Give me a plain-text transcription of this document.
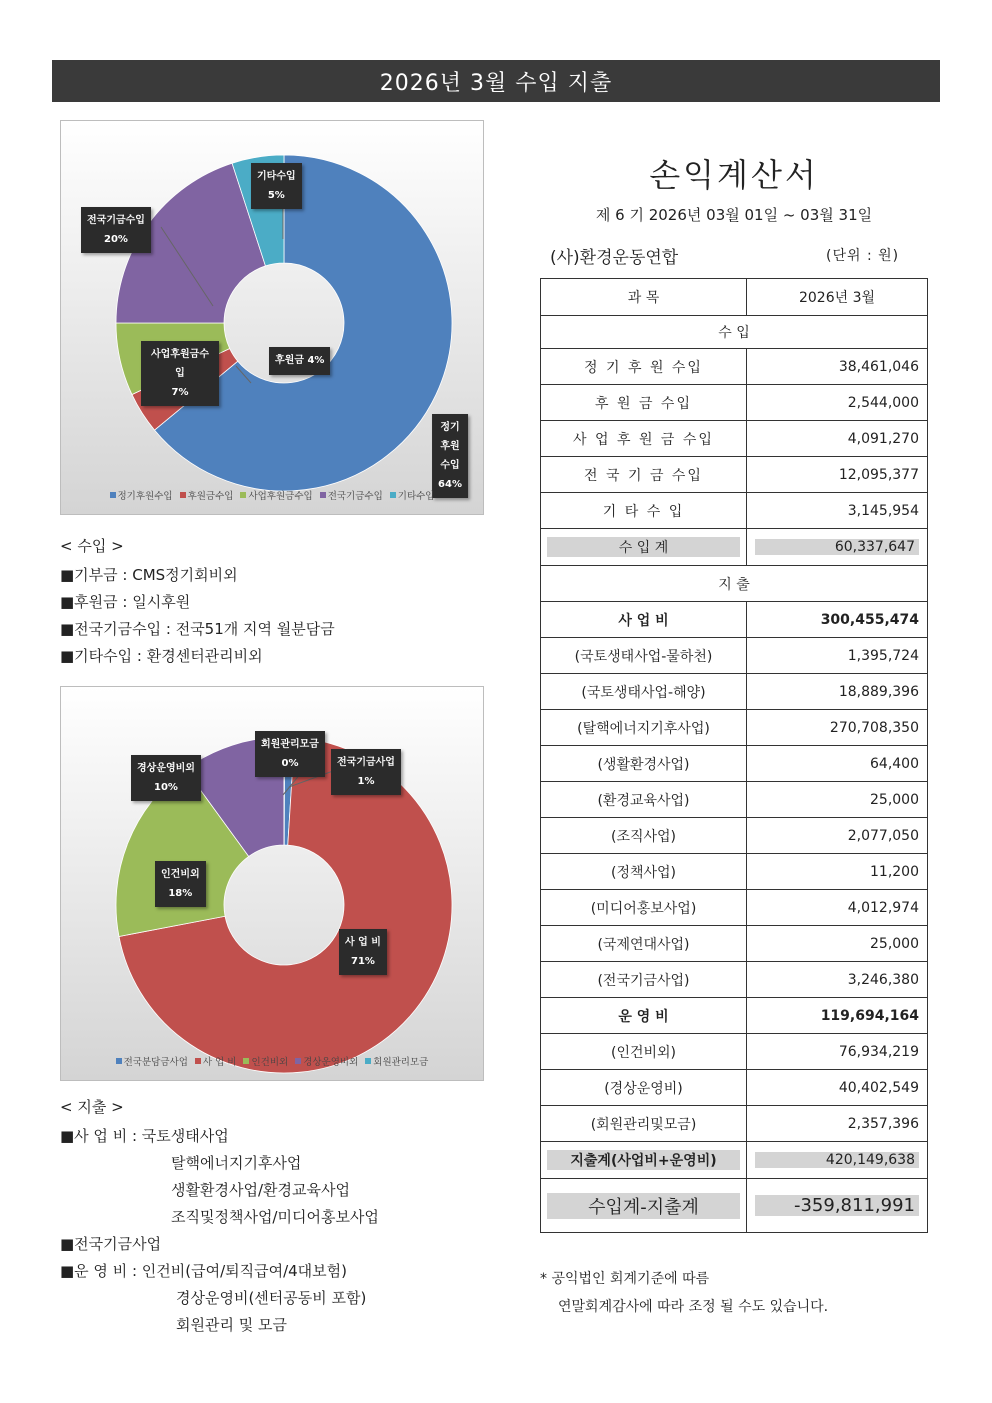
2026년 3월 수입 지출
정기후원수입
64%
후원금 4%
사업후원금수입
7%
전국기금수입
20%
기타수입
5%
정기후원수입 후원금수입 사업후원금수입 전국기금수입 기타수입
< 수입 >
■기부금 : CMS정기회비외
■후원금 : 일시후원
■전국기금수입 : 전국51개 지역 월분담금
■기타수입 : 환경센터관리비외
회원관리모금
0%	전국기금사업
1%
경상운영비외
10%
인건비외
18%
사 업 비
71%
전국분담금사업 사 업 비 인건비외 경상운영비외 회원관리모금
< 지출 >
■사 업 비 : 국토생태사업
탈핵에너지기후사업
생활환경사업/환경교육사업
조직및정책사업/미디어홍보사업
■전국기금사업
■운 영 비 : 인건비(급여/퇴직급여/4대보험)
경상운영비(센터공동비 포함)
회원관리 및 모금
손익계산서
제 6 기 2026년 03월 01일 ~ 03월 31일
(사)환경운동연합	(단위 : 원)
과 목	2026년 3월
수 입	
정 기 후 원 수입	38,461,046
후 원 금 수입	2,544,000
사 업 후 원 금 수입	4,091,270
전 국 기 금 수입	12,095,377
기 타 수 입	3,145,954

수 입 계	60,337,647

지 출	
사 업 비	300,455,474
(국토생태사업-물하천)	1,395,724
(국토생태사업-해양)	18,889,396
(탈핵에너지기후사업)	270,708,350
(생활환경사업)	64,400
(환경교육사업)	25,000
(조직사업)	2,077,050
(정책사업)	11,200
(미디어홍보사업)	4,012,974
(국제연대사업)	25,000
(전국기금사업)	3,246,380
운 영 비	119,694,164
(인건비외)	76,934,219
(경상운영비)	40,402,549
(회원관리및모금)	2,357,396

지출계(사업비+운영비)	420,149,638

수입계-지출계	-359,811,991
* 공익법인 회계기준에 따름
연말회계감사에 따라 조정 될 수도 있습니다.
